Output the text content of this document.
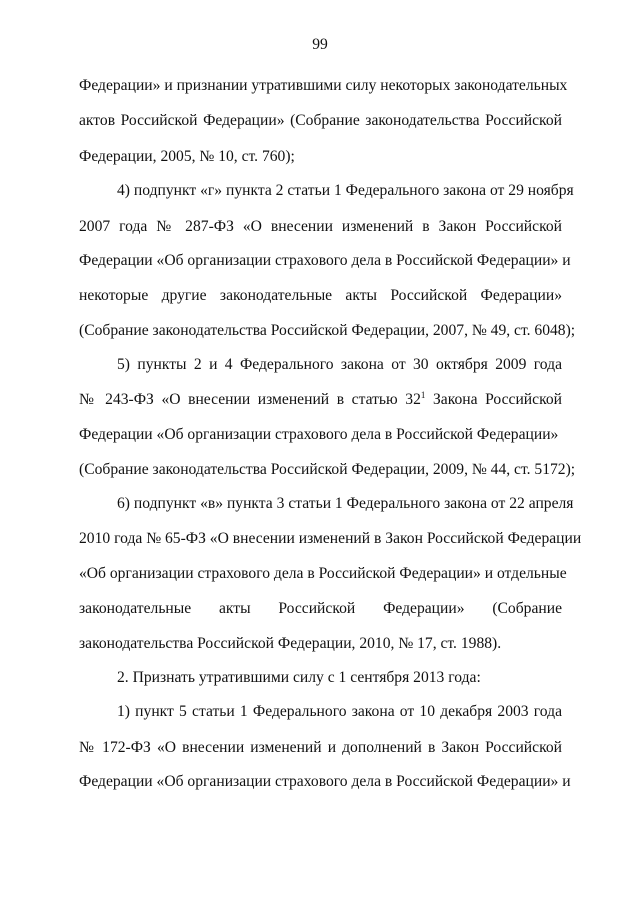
99
Федерации» и признании утратившими силу некоторых законодательных
актов Российской Федерации» (Собрание законодательства Российской
Федерации, 2005, № 10, ст. 760);
4) подпункт «г» пункта 2 статьи 1 Федерального закона от 29 ноября
2007 года № 287-ФЗ «О внесении изменений в Закон Российской
Федерации «Об организации страхового дела в Российской Федерации» и
некоторые другие законодательные акты Российской Федерации»
(Собрание законодательства Российской Федерации, 2007, № 49, ст. 6048);
5) пункты 2 и 4 Федерального закона от 30 октября 2009 года
№ 243-ФЗ «О внесении изменений в статью $32^1$ Закона Российской
Федерации «Об организации страхового дела в Российской Федерации»
(Собрание законодательства Российской Федерации, 2009, № 44, ст. 5172);
6) подпункт «в» пункта 3 статьи 1 Федерального закона от 22 апреля
2010 года № 65-ФЗ «О внесении изменений в Закон Российской Федерации
«Об организации страхового дела в Российской Федерации» и отдельные
законодательные акты Российской Федерации» (Собрание
законодательства Российской Федерации, 2010, № 17, ст. 1988).
2. Признать утратившими силу с 1 сентября 2013 года:
1) пункт 5 статьи 1 Федерального закона от 10 декабря 2003 года
№ 172-ФЗ «О внесении изменений и дополнений в Закон Российской
Федерации «Об организации страхового дела в Российской Федерации» и
